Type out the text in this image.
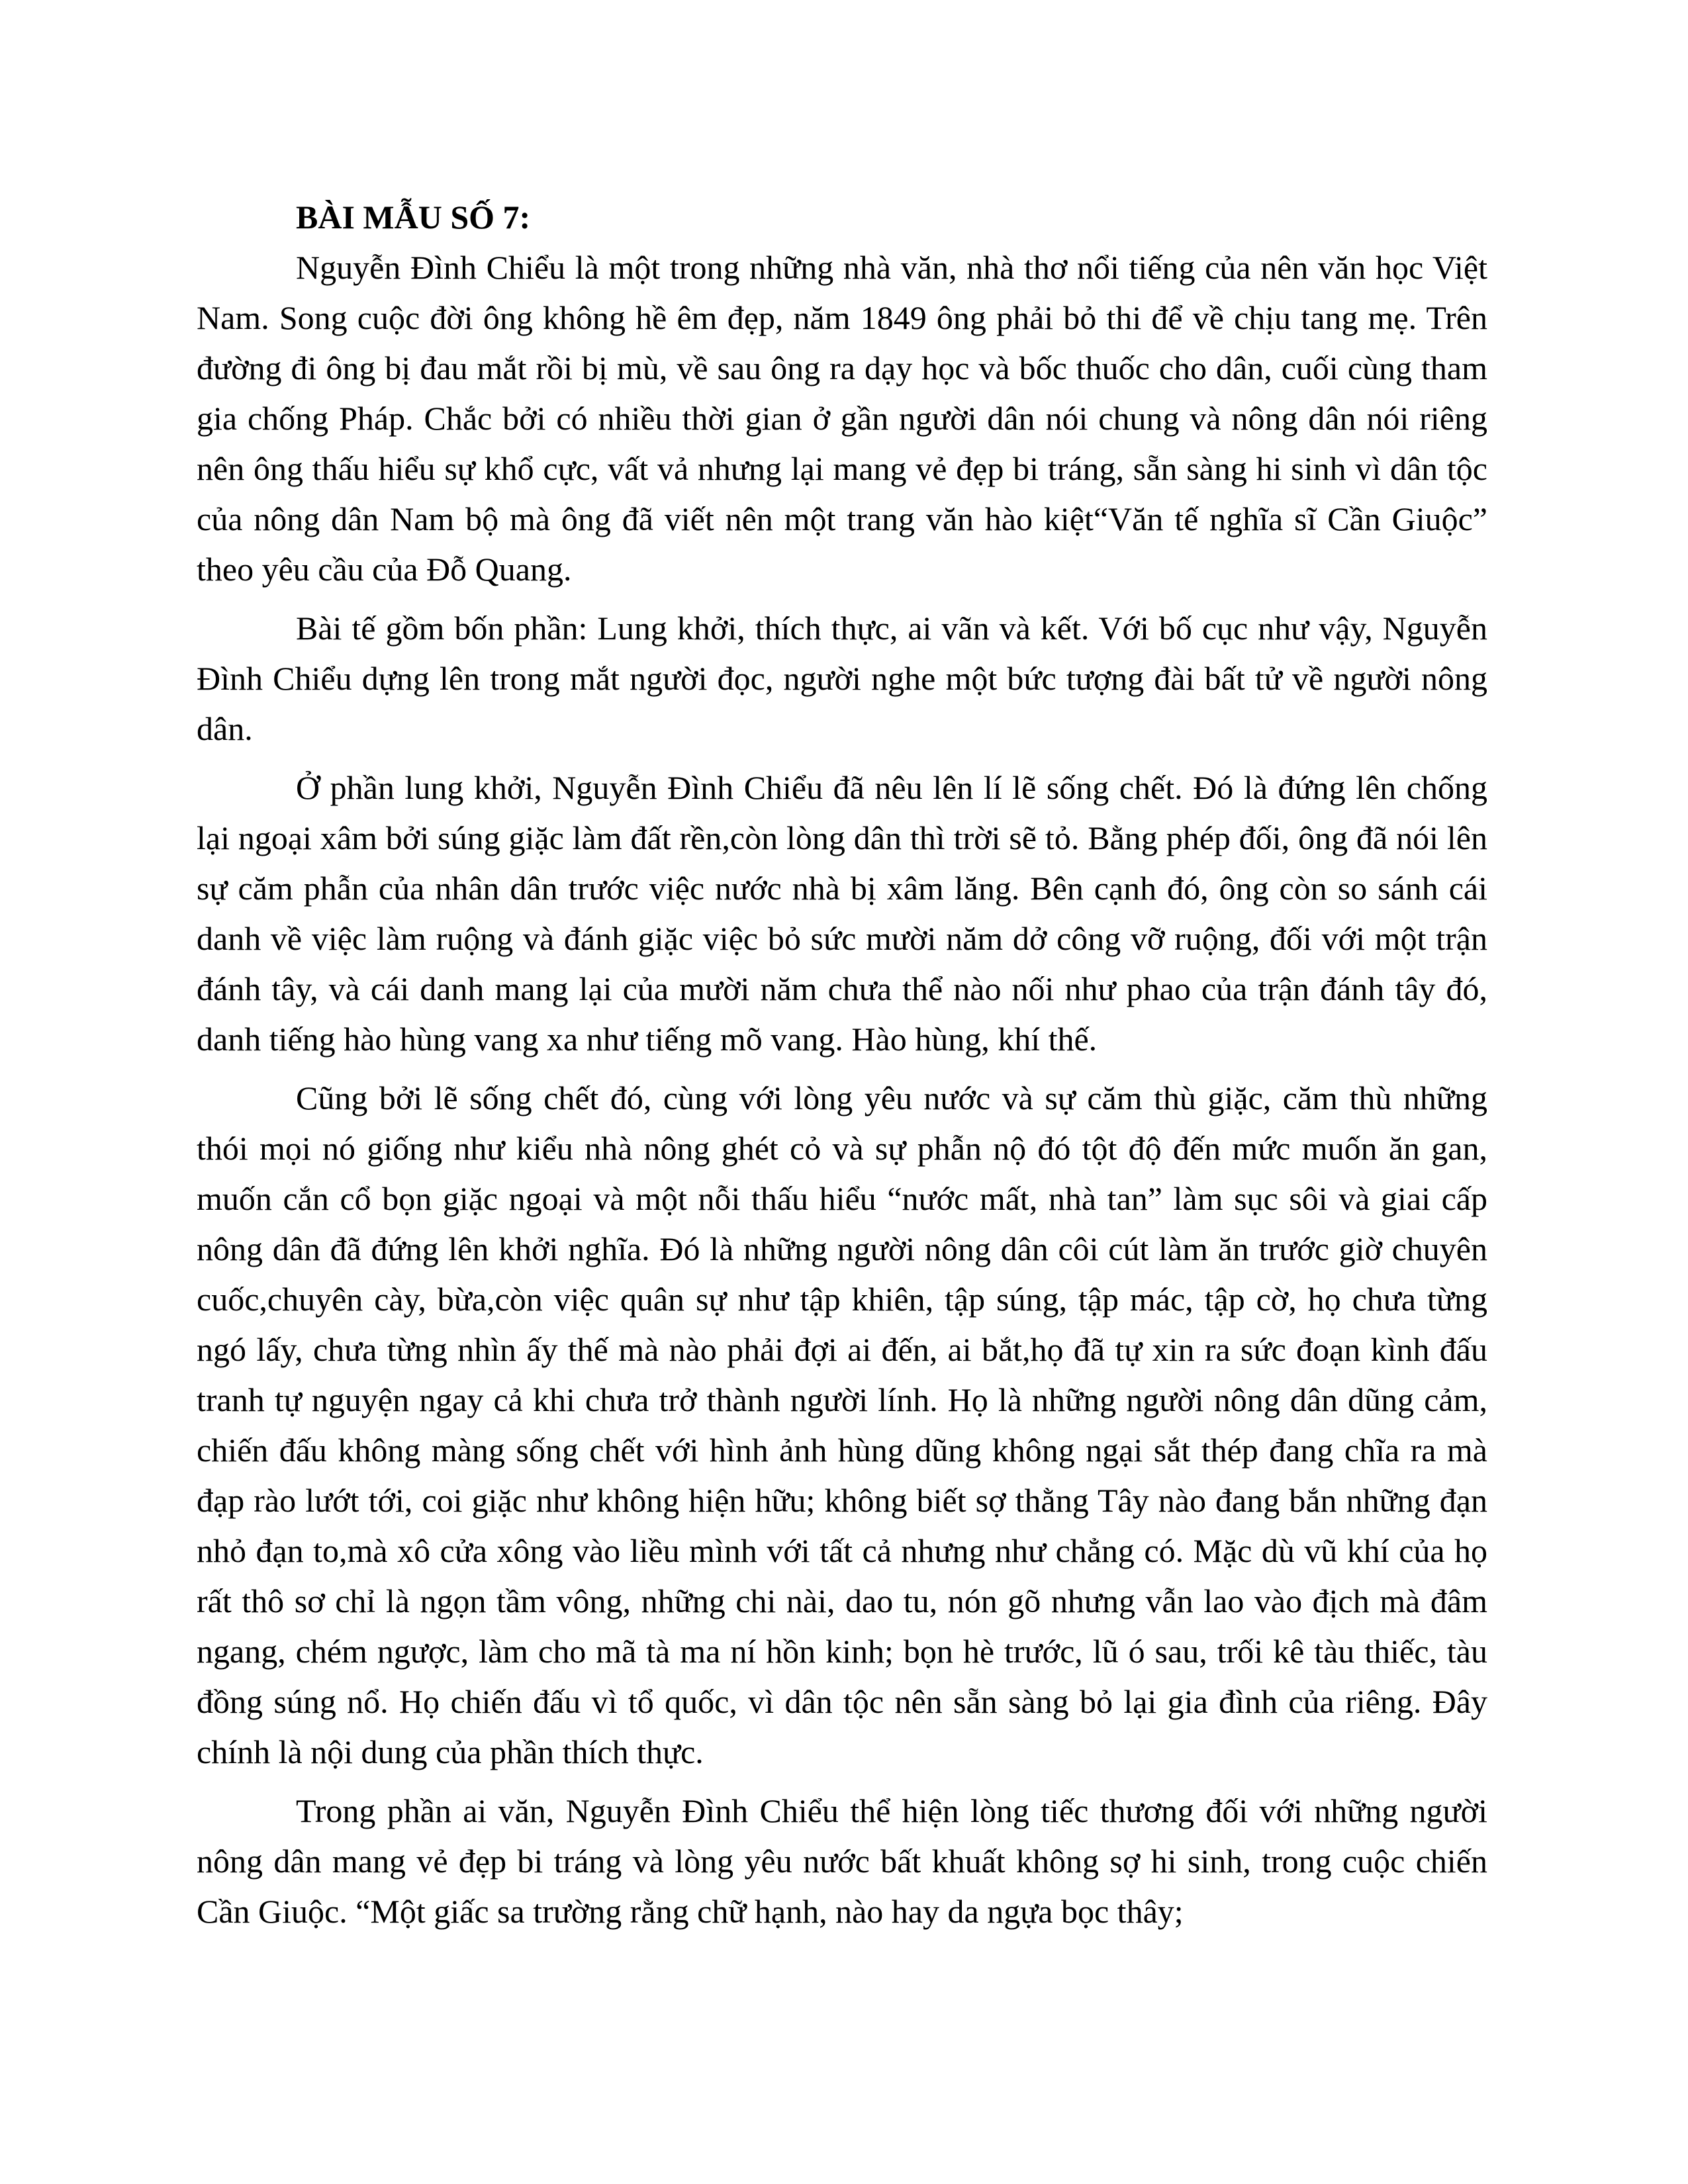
BÀI MẪU SỐ 7:

Nguyễn Đình Chiểu là một trong những nhà văn, nhà thơ nổi tiếng của nên văn học Việt Nam. Song cuộc đời ông không hề êm đẹp, năm 1849 ông phải bỏ thi để về chịu tang mẹ. Trên đường đi ông bị đau mắt rồi bị mù, về sau ông ra dạy học và bốc thuốc cho dân, cuối cùng tham gia chống Pháp. Chắc bởi có nhiều thời gian ở gần người dân nói chung và nông dân nói riêng nên ông thấu hiểu sự khổ cực, vất vả nhưng lại mang vẻ đẹp bi tráng, sẵn sàng hi sinh vì dân tộc của nông dân Nam bộ mà ông đã viết nên một trang văn hào kiệt“Văn tế nghĩa sĩ Cần Giuộc” theo yêu cầu của Đỗ Quang.

Bài tế gồm bốn phần: Lung khởi, thích thực, ai vãn và kết. Với bố cục như vậy, Nguyễn Đình Chiểu dựng lên trong mắt người đọc, người nghe một bức tượng đài bất tử về người nông dân.

Ở phần lung khởi, Nguyễn Đình Chiểu đã nêu lên lí lẽ sống chết. Đó là đứng lên chống lại ngoại xâm bởi súng giặc làm đất rền,còn lòng dân thì trời sẽ tỏ. Bằng phép đối, ông đã nói lên sự căm phẫn của nhân dân trước việc nước nhà bị xâm lăng. Bên cạnh đó, ông còn so sánh cái danh về việc làm ruộng và đánh giặc việc bỏ sức mười năm dở công vỡ ruộng, đối với một trận đánh tây, và cái danh mang lại của mười năm chưa thể nào nối như phao của trận đánh tây đó, danh tiếng hào hùng vang xa như tiếng mõ vang. Hào hùng, khí thế.

Cũng bởi lẽ sống chết đó, cùng với lòng yêu nước và sự căm thù giặc, căm thù những thói mọi nó giống như kiểu nhà nông ghét cỏ và sự phẫn nộ đó tột độ đến mức muốn ăn gan, muốn cắn cổ bọn giặc ngoại và một nỗi thấu hiểu “nước mất, nhà tan” làm sục sôi và giai cấp nông dân đã đứng lên khởi nghĩa. Đó là những người nông dân côi cút làm ăn trước giờ chuyên cuốc,chuyên cày, bừa,còn việc quân sự như tập khiên, tập súng, tập mác, tập cờ, họ chưa từng ngó lấy, chưa từng nhìn ấy thế mà nào phải đợi ai đến, ai bắt,họ đã tự xin ra sức đoạn kình đấu tranh tự nguyện ngay cả khi chưa trở thành người lính. Họ là những người nông dân dũng cảm, chiến đấu không màng sống chết với hình ảnh hùng dũng không ngại sắt thép đang chĩa ra mà đạp rào lướt tới, coi giặc như không hiện hữu; không biết sợ thằng Tây nào đang bắn những đạn nhỏ đạn to,mà xô cửa xông vào liều mình với tất cả nhưng như chẳng có. Mặc dù vũ khí của họ rất thô sơ chỉ là ngọn tầm vông, những chi nài, dao tu, nón gõ nhưng vẫn lao vào địch mà đâm ngang, chém ngược, làm cho mã tà ma ní hồn kinh; bọn hè trước, lũ ó sau, trối kê tàu thiếc, tàu đồng súng nổ. Họ chiến đấu vì tổ quốc, vì dân tộc nên sẵn sàng bỏ lại gia đình của riêng. Đây chính là nội dung của phần thích thực.

Trong phần ai văn, Nguyễn Đình Chiểu thể hiện lòng tiếc thương đối với những người nông dân mang vẻ đẹp bi tráng và lòng yêu nước bất khuất không sợ hi sinh, trong cuộc chiến Cần Giuộc. “Một giấc sa trường rằng chữ hạnh, nào hay da ngựa bọc thây;
